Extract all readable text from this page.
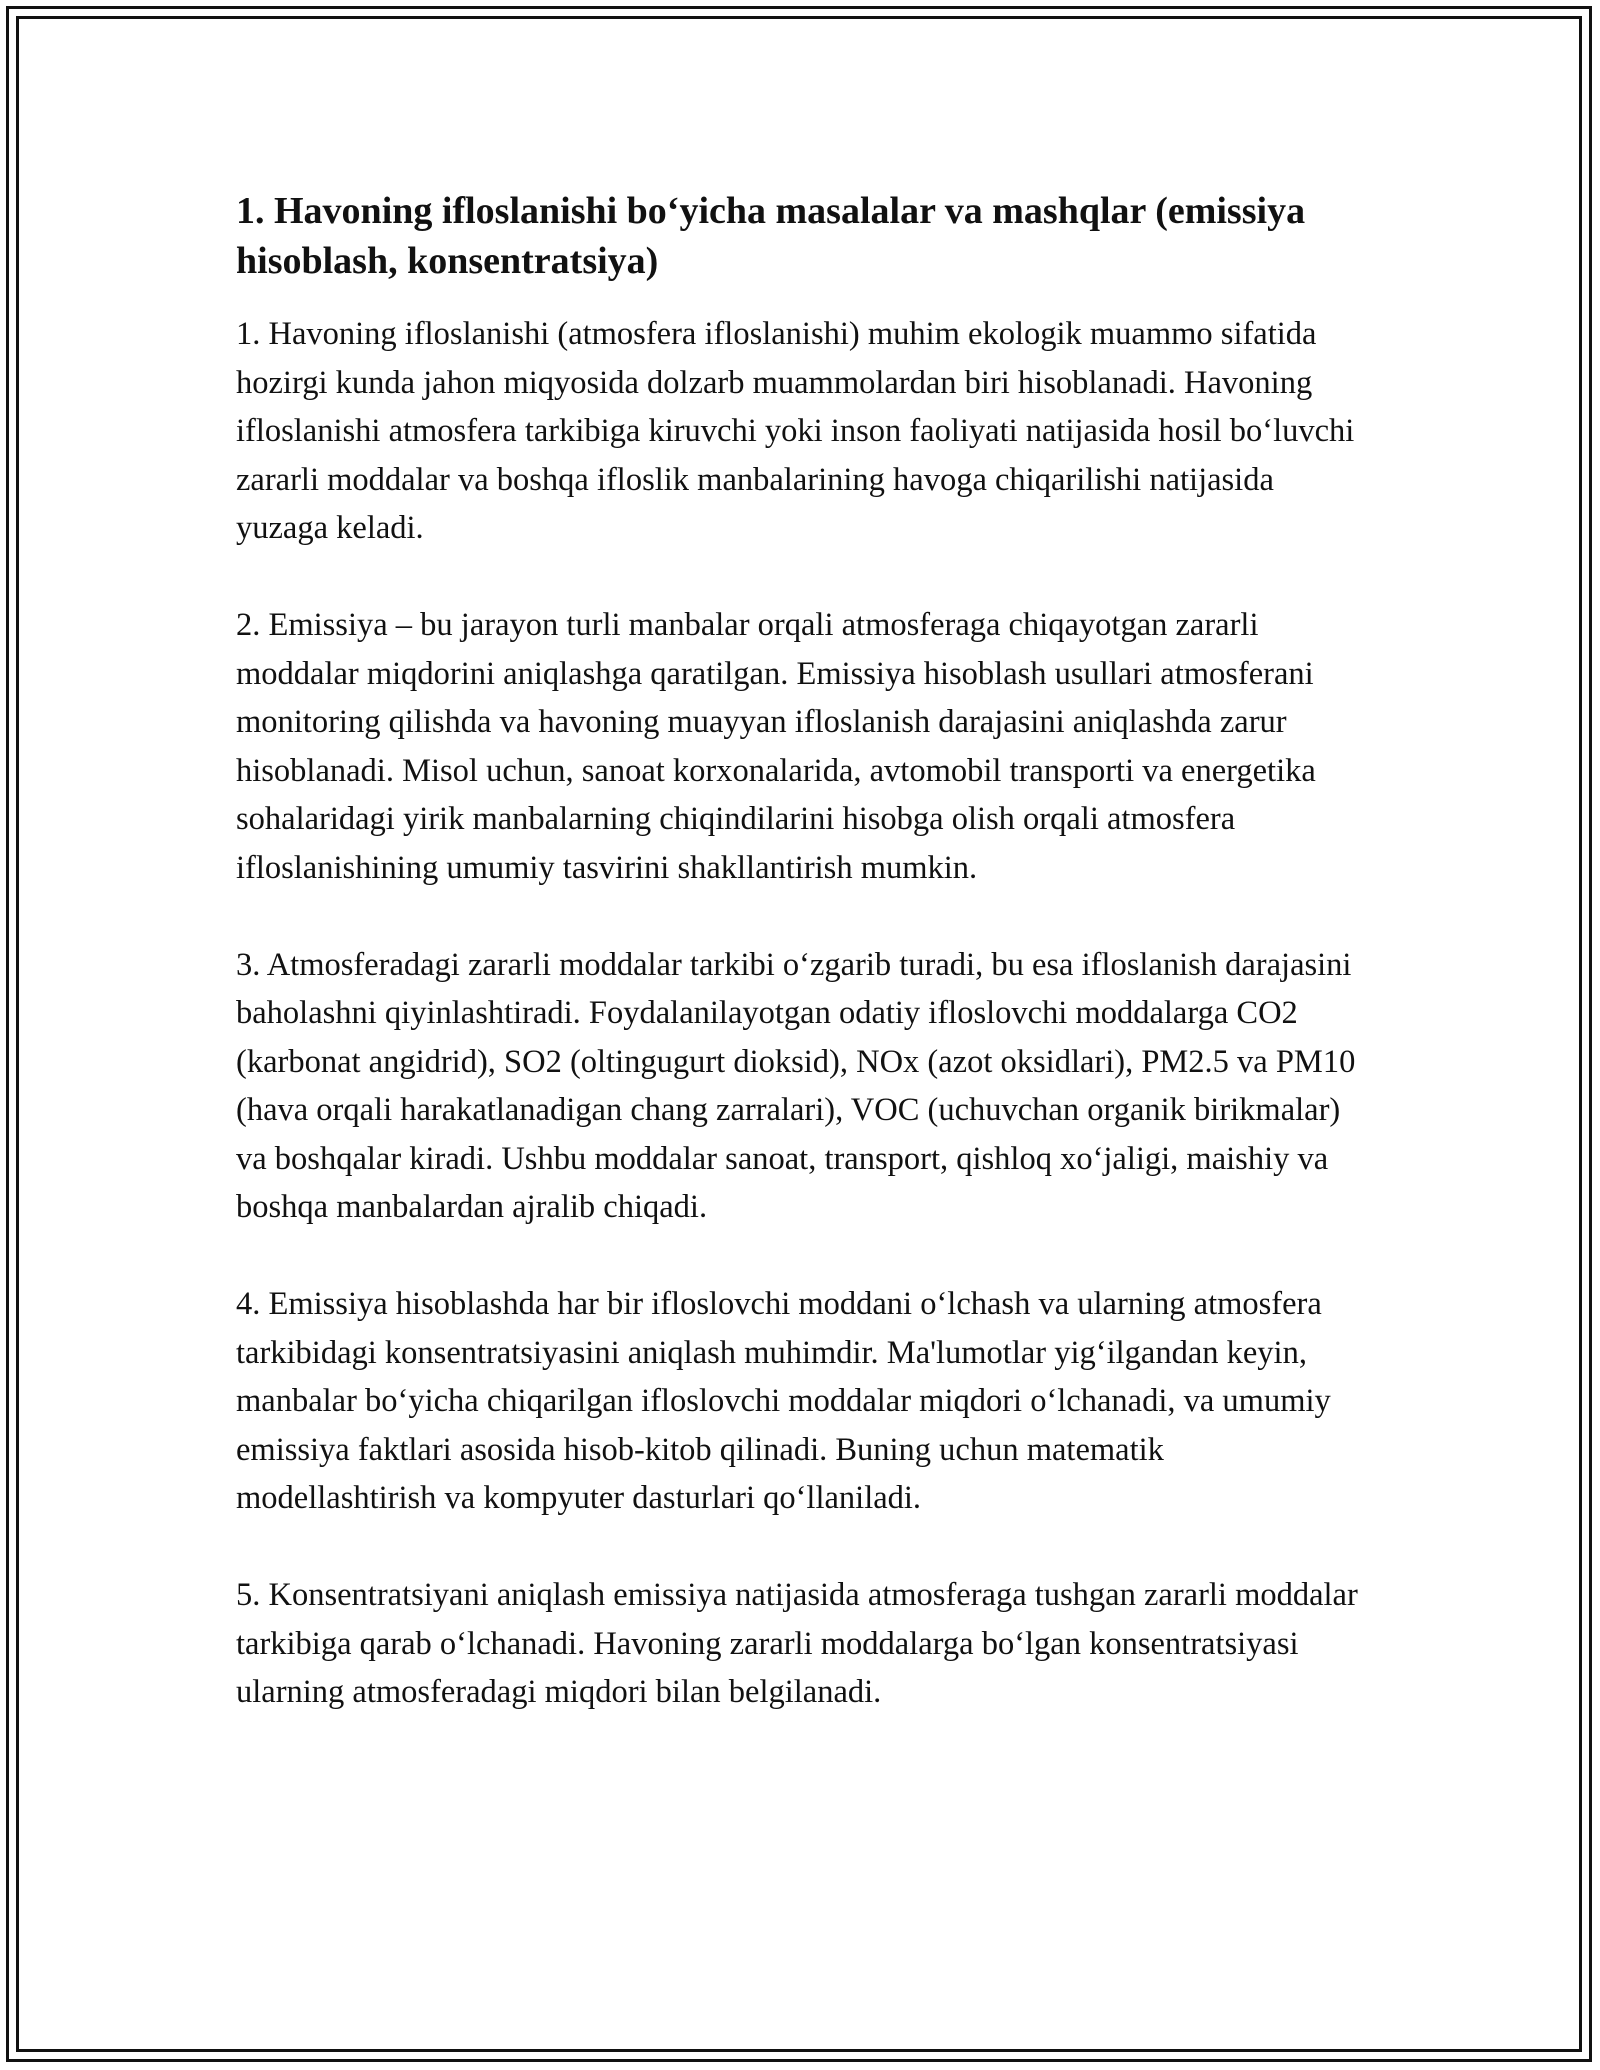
1. Havoning ifloslanishi bo‘yicha masalalar va mashqlar (emissiya hisoblash, konsentratsiya)

1. Havoning ifloslanishi (atmosfera ifloslanishi) muhim ekologik muammo sifatida hozirgi kunda jahon miqyosida dolzarb muammolardan biri hisoblanadi. Havoning ifloslanishi atmosfera tarkibiga kiruvchi yoki inson faoliyati natijasida hosil bo‘luvchi zararli moddalar va boshqa ifloslik manbalarining havoga chiqarilishi natijasida yuzaga keladi.

2. Emissiya – bu jarayon turli manbalar orqali atmosferaga chiqayotgan zararli moddalar miqdorini aniqlashga qaratilgan. Emissiya hisoblash usullari atmosferani monitoring qilishda va havoning muayyan ifloslanish darajasini aniqlashda zarur hisoblanadi. Misol uchun, sanoat korxonalarida, avtomobil transporti va energetika sohalaridagi yirik manbalarning chiqindilarini hisobga olish orqali atmosfera ifloslanishining umumiy tasvirini shakllantirish mumkin.

3. Atmosferadagi zararli moddalar tarkibi o‘zgarib turadi, bu esa ifloslanish darajasini baholashni qiyinlashtiradi. Foydalanilayotgan odatiy ifloslovchi moddalarga CO2 (karbonat angidrid), SO2 (oltingugurt dioksid), NOx (azot oksidlari), PM2.5 va PM10 (hava orqali harakatlanadigan chang zarralari), VOC (uchuvchan organik birikmalar) va boshqalar kiradi. Ushbu moddalar sanoat, transport, qishloq xo‘jaligi, maishiy va boshqa manbalardan ajralib chiqadi.

4. Emissiya hisoblashda har bir ifloslovchi moddani o‘lchash va ularning atmosfera tarkibidagi konsentratsiyasini aniqlash muhimdir. Ma'lumotlar yig‘ilgandan keyin, manbalar bo‘yicha chiqarilgan ifloslovchi moddalar miqdori o‘lchanadi, va umumiy emissiya faktlari asosida hisob-kitob qilinadi. Buning uchun matematik modellashtirish va kompyuter dasturlari qo‘llaniladi.

5. Konsentratsiyani aniqlash emissiya natijasida atmosferaga tushgan zararli moddalar tarkibiga qarab o‘lchanadi. Havoning zararli moddalarga bo‘lgan konsentratsiyasi ularning atmosferadagi miqdori bilan belgilanadi.
